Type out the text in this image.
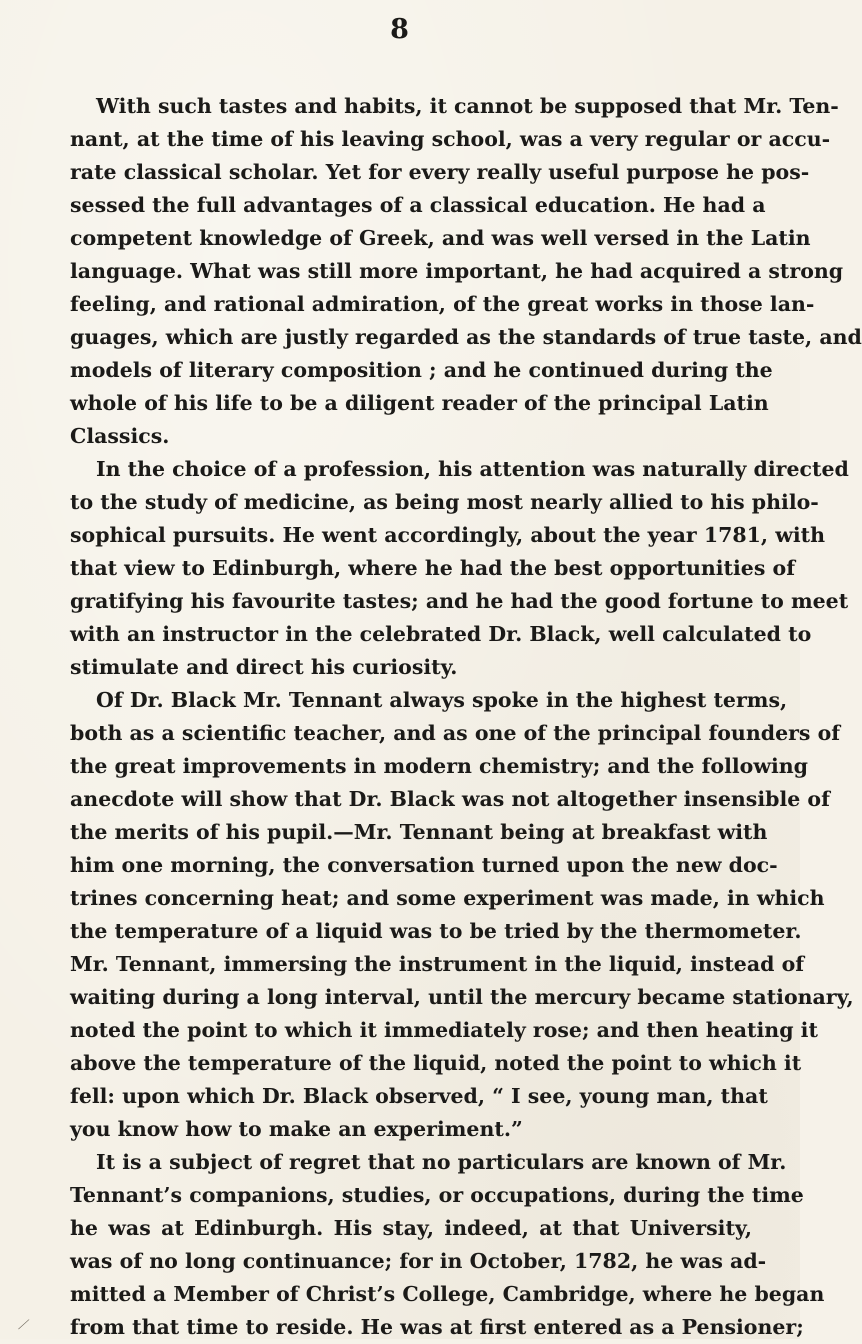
8
With such tastes and habits, it cannot be supposed that Mr. Ten-
nant, at the time of his leaving school, was a very regular or accu-
rate classical scholar. Yet for every really useful purpose he pos-
sessed the full advantages of a classical education. He had a
competent knowledge of Greek, and was well versed in the Latin
language. What was still more important, he had acquired a strong
feeling, and rational admiration, of the great works in those lan-
guages, which are justly regarded as the standards of true taste, and
models of literary composition ; and he continued during the
whole of his life to be a diligent reader of the principal Latin
Classics.
In the choice of a profession, his attention was naturally directed
to the study of medicine, as being most nearly allied to his philo-
sophical pursuits. He went accordingly, about the year 1781, with
that view to Edinburgh, where he had the best opportunities of
gratifying his favourite tastes; and he had the good fortune to meet
with an instructor in the celebrated Dr. Black, well calculated to
stimulate and direct his curiosity.
Of Dr. Black Mr. Tennant always spoke in the highest terms,
both as a scientific teacher, and as one of the principal founders of
the great improvements in modern chemistry; and the following
anecdote will show that Dr. Black was not altogether insensible of
the merits of his pupil.—Mr. Tennant being at breakfast with
him one morning, the conversation turned upon the new doc-
trines concerning heat; and some experiment was made, in which
the temperature of a liquid was to be tried by the thermometer.
Mr. Tennant, immersing the instrument in the liquid, instead of
waiting during a long interval, until the mercury became stationary,
noted the point to which it immediately rose; and then heating it
above the temperature of the liquid, noted the point to which it
fell: upon which Dr. Black observed, “ I see, young man, that
you know how to make an experiment.”
It is a subject of regret that no particulars are known of Mr.
Tennant’s companions, studies, or occupations, during the time
he was at Edinburgh. His stay, indeed, at that University,
was of no long continuance; for in October, 1782, he was ad-
mitted a Member of Christ’s College, Cambridge, where he began
from that time to reside. He was at first entered as a Pensioner;
⟋
